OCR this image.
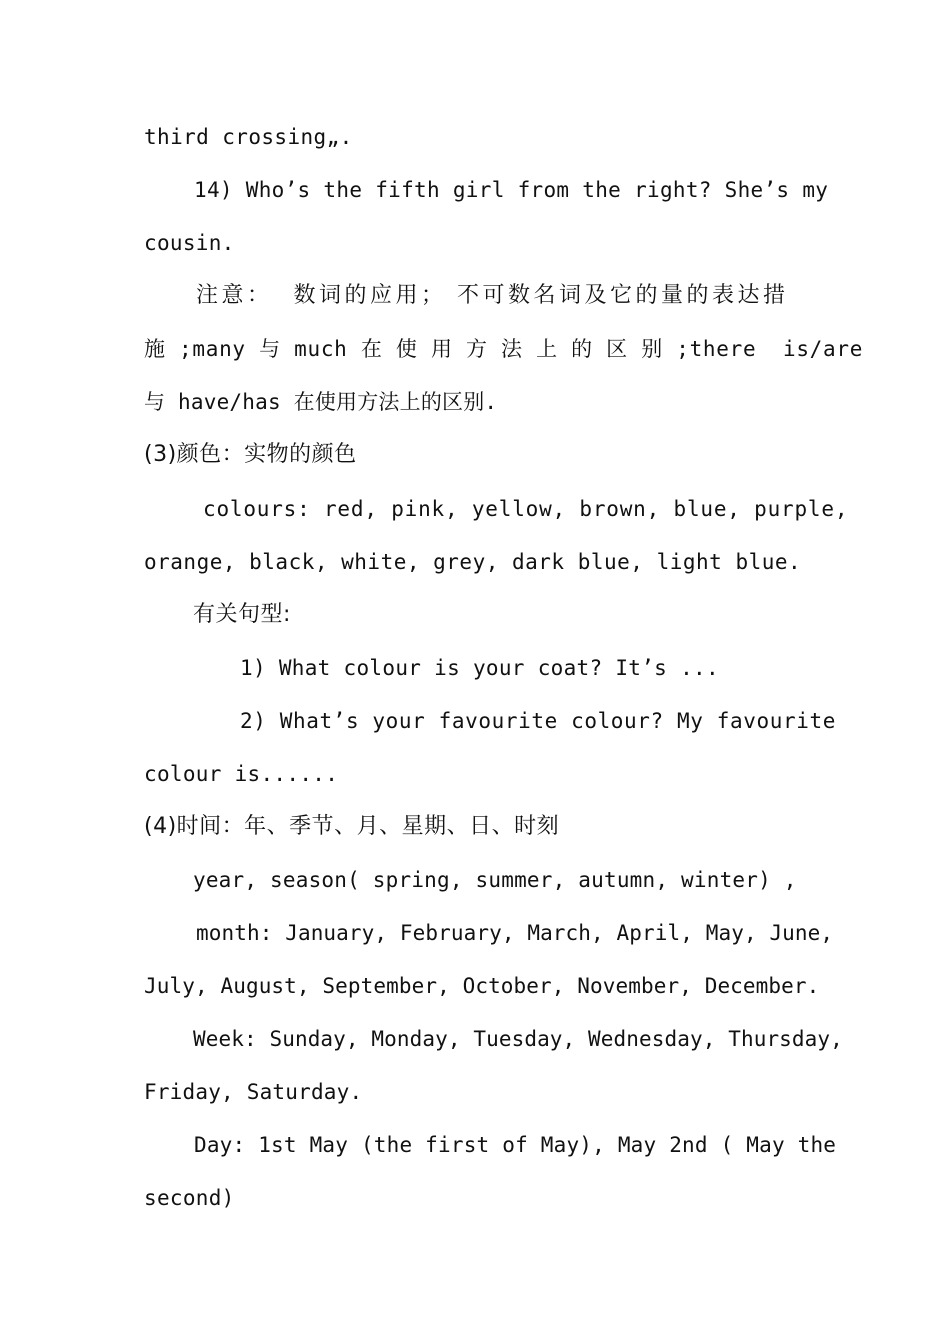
third crossing„.
14) Who’s the fifth girl from the right? She’s my
cousin.
注意：  数词的应用； 不可数名词及它的量的表达措
施 ;many 与 much 在 使 用 方 法 上 的 区 别 ;there  is/are
与 have/has 在使用方法上的区别.
(3)颜色：实物的颜色
colours: red, pink, yellow, brown, blue, purple,
orange, black, white, grey, dark blue, light blue.
有关句型:
1) What colour is your coat? It’s ...
2) What’s your favourite colour? My favourite
colour is......
(4)时间：年、季节、月、星期、日、时刻
year, season( spring, summer, autumn, winter) ,
month: January, February, March, April, May, June,
July, August, September, October, November, December.
Week: Sunday, Monday, Tuesday, Wednesday, Thursday,
Friday, Saturday.
Day: 1st May (the first of May), May 2nd ( May the
second)
